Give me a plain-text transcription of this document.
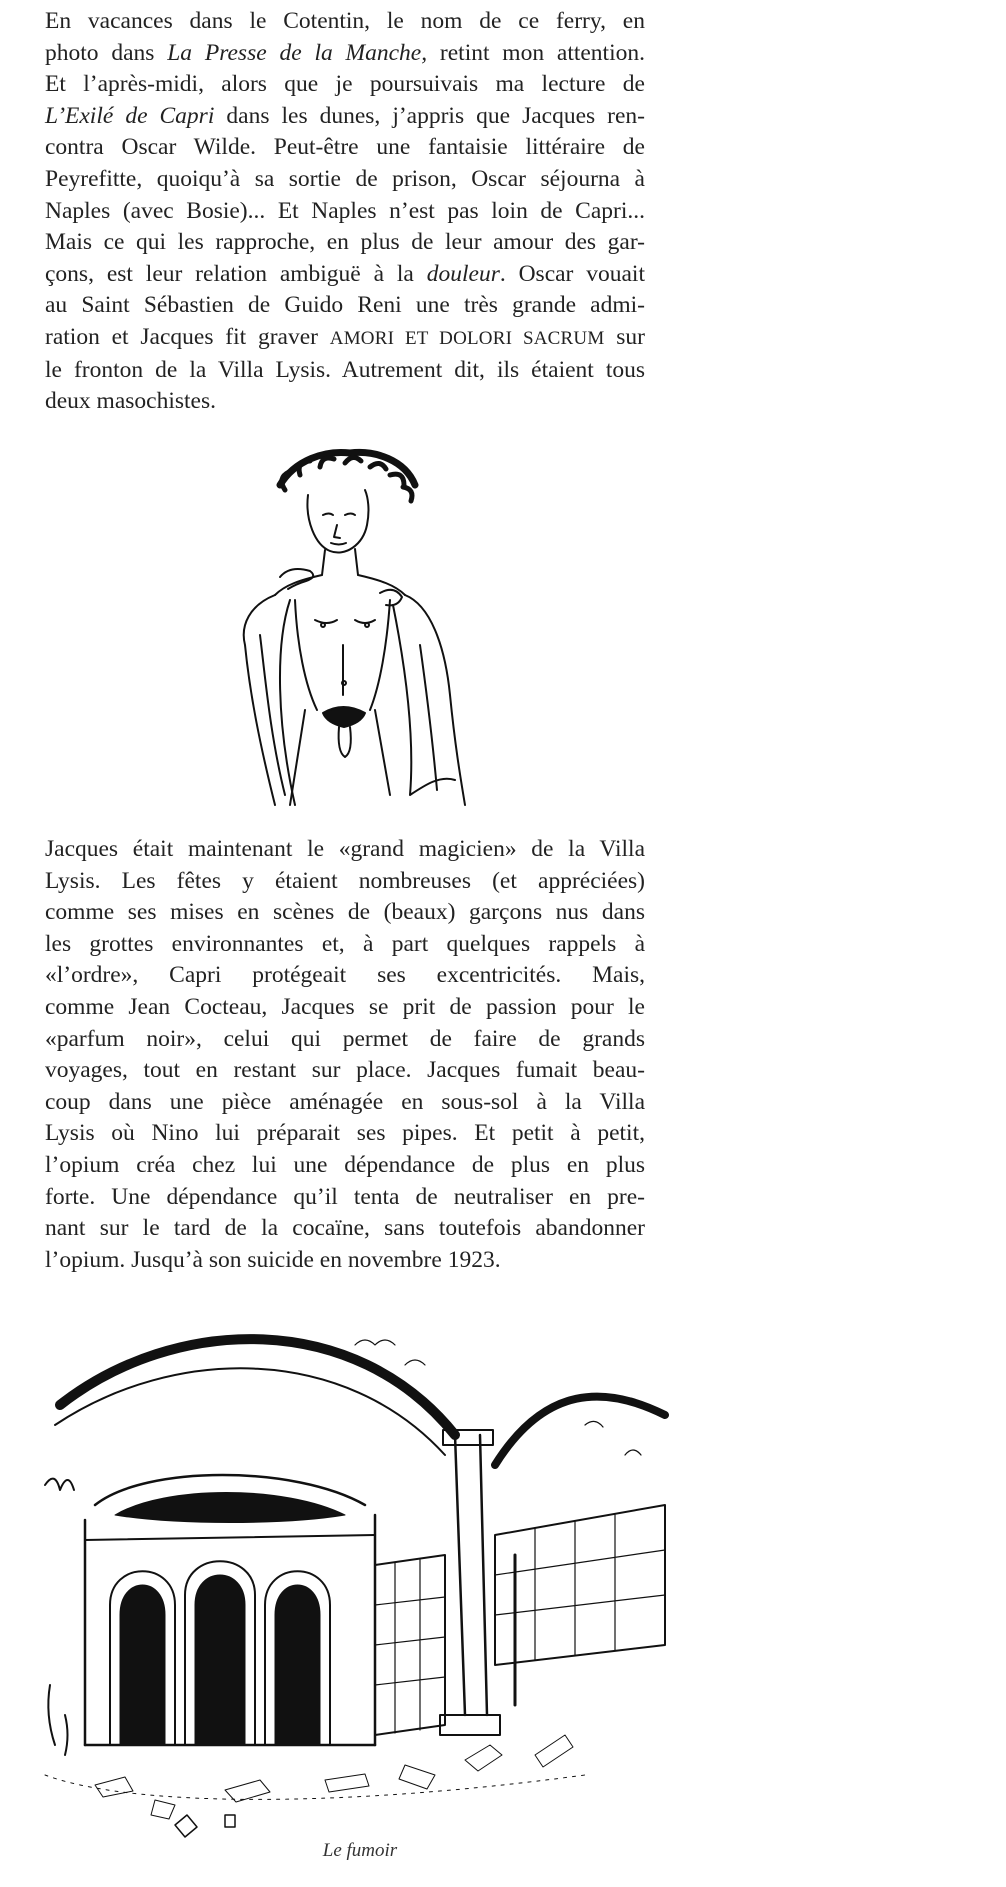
En vacances dans le Cotentin, le nom de ce ferry, en
photo dans La Presse de la Manche, retint mon attention.
Et l’après-midi, alors que je poursuivais ma lecture de
L’Exilé de Capri dans les dunes, j’appris que Jacques ren-
contra Oscar Wilde. Peut-être une fantaisie littéraire de
Peyrefitte, quoiqu’à sa sortie de prison, Oscar séjourna à
Naples (avec Bosie)... Et Naples n’est pas loin de Capri...
Mais ce qui les rapproche, en plus de leur amour des gar-
çons, est leur relation ambiguë à la douleur. Oscar vouait
au Saint Sébastien de Guido Reni une très grande admi-
ration et Jacques fit graver AMORI ET DOLORI SACRUM sur
le fronton de la Villa Lysis. Autrement dit, ils étaient tous
deux masochistes.
Jacques était maintenant le «grand magicien» de la Villa
Lysis. Les fêtes y étaient nombreuses (et appréciées)
comme ses mises en scènes de (beaux) garçons nus dans
les grottes environnantes et, à part quelques rappels à
«l’ordre», Capri protégeait ses excentricités. Mais,
comme Jean Cocteau, Jacques se prit de passion pour le
«parfum noir», celui qui permet de faire de grands
voyages, tout en restant sur place. Jacques fumait beau-
coup dans une pièce aménagée en sous-sol à la Villa
Lysis où Nino lui préparait ses pipes. Et petit à petit,
l’opium créa chez lui une dépendance de plus en plus
forte. Une dépendance qu’il tenta de neutraliser en pre-
nant sur le tard de la cocaïne, sans toutefois abandonner
l’opium. Jusqu’à son suicide en novembre 1923.
Le fumoir
